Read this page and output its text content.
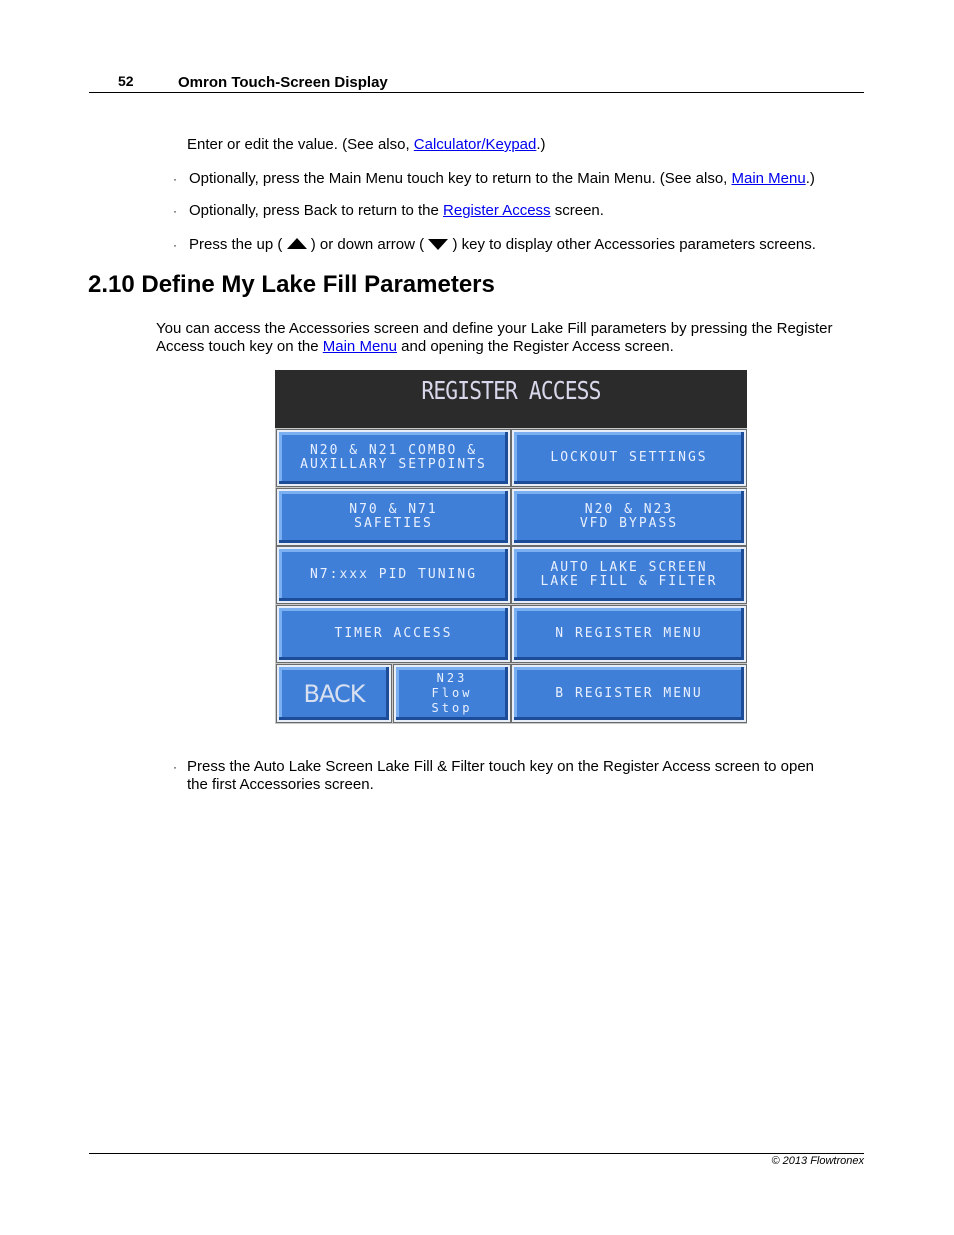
52	Omron Touch-Screen Display

Enter or edit the value. (See also, Calculator/Keypad.)

· Optionally, press the Main Menu touch key to return to the Main Menu. (See also, Main Menu.)

· Optionally, press Back to return to the Register Access screen.

· Press the up ( ) or down arrow ( ) key to display other Accessories parameters screens.

2.10 Define My Lake Fill Parameters

You can access the Accessories screen and define your Lake Fill parameters by pressing the Register
Access touch key on the Main Menu and opening the Register Access screen.

REGISTER ACCESS
N20 & N21 COMBO &
AUXILLARY SETPOINTS	LOCKOUT SETTINGS
N70 & N71
SAFETIES
N20 & N23
VFD BYPASS
N7:xxx PID TUNING	AUTO LAKE SCREEN
LAKE FILL & FILTER
TIMER ACCESS	N REGISTER MENU
BACK
N23
Flow
Stop
B REGISTER MENU
· Press the Auto Lake Screen Lake Fill & Filter touch key on the Register Access screen to open
the first Accessories screen.

© 2013 Flowtronex
